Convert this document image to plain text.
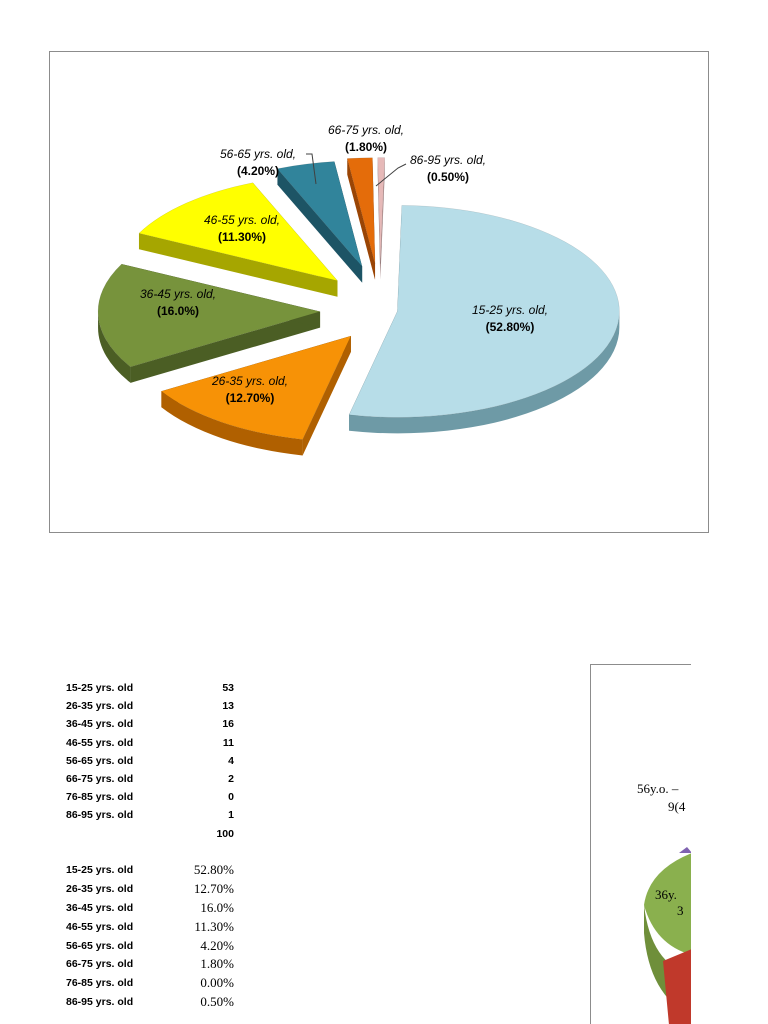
15-25 yrs. old,
(52.80%)
26-35 yrs. old,
(12.70%)
36-45 yrs. old,
(16.0%)
46-55 yrs. old,
(11.30%)
56-65 yrs. old,
(4.20%)
66-75 yrs. old,
(1.80%)
86-95 yrs. old,
(0.50%)
15-25 yrs. old	53
26-35 yrs. old	13
36-45 yrs. old	16
46-55 yrs. old	11
56-65 yrs. old	4
66-75 yrs. old	2
76-85 yrs. old	0
86-95 yrs. old	1
100
15-25 yrs. old	52.80%
26-35 yrs. old	12.70%
36-45 yrs. old	16.0%
46-55 yrs. old	11.30%
56-65 yrs. old	4.20%
66-75 yrs. old	1.80%
76-85 yrs. old	0.00%
86-95 yrs. old	0.50%
56y.o. –
9(4
36y.
3
